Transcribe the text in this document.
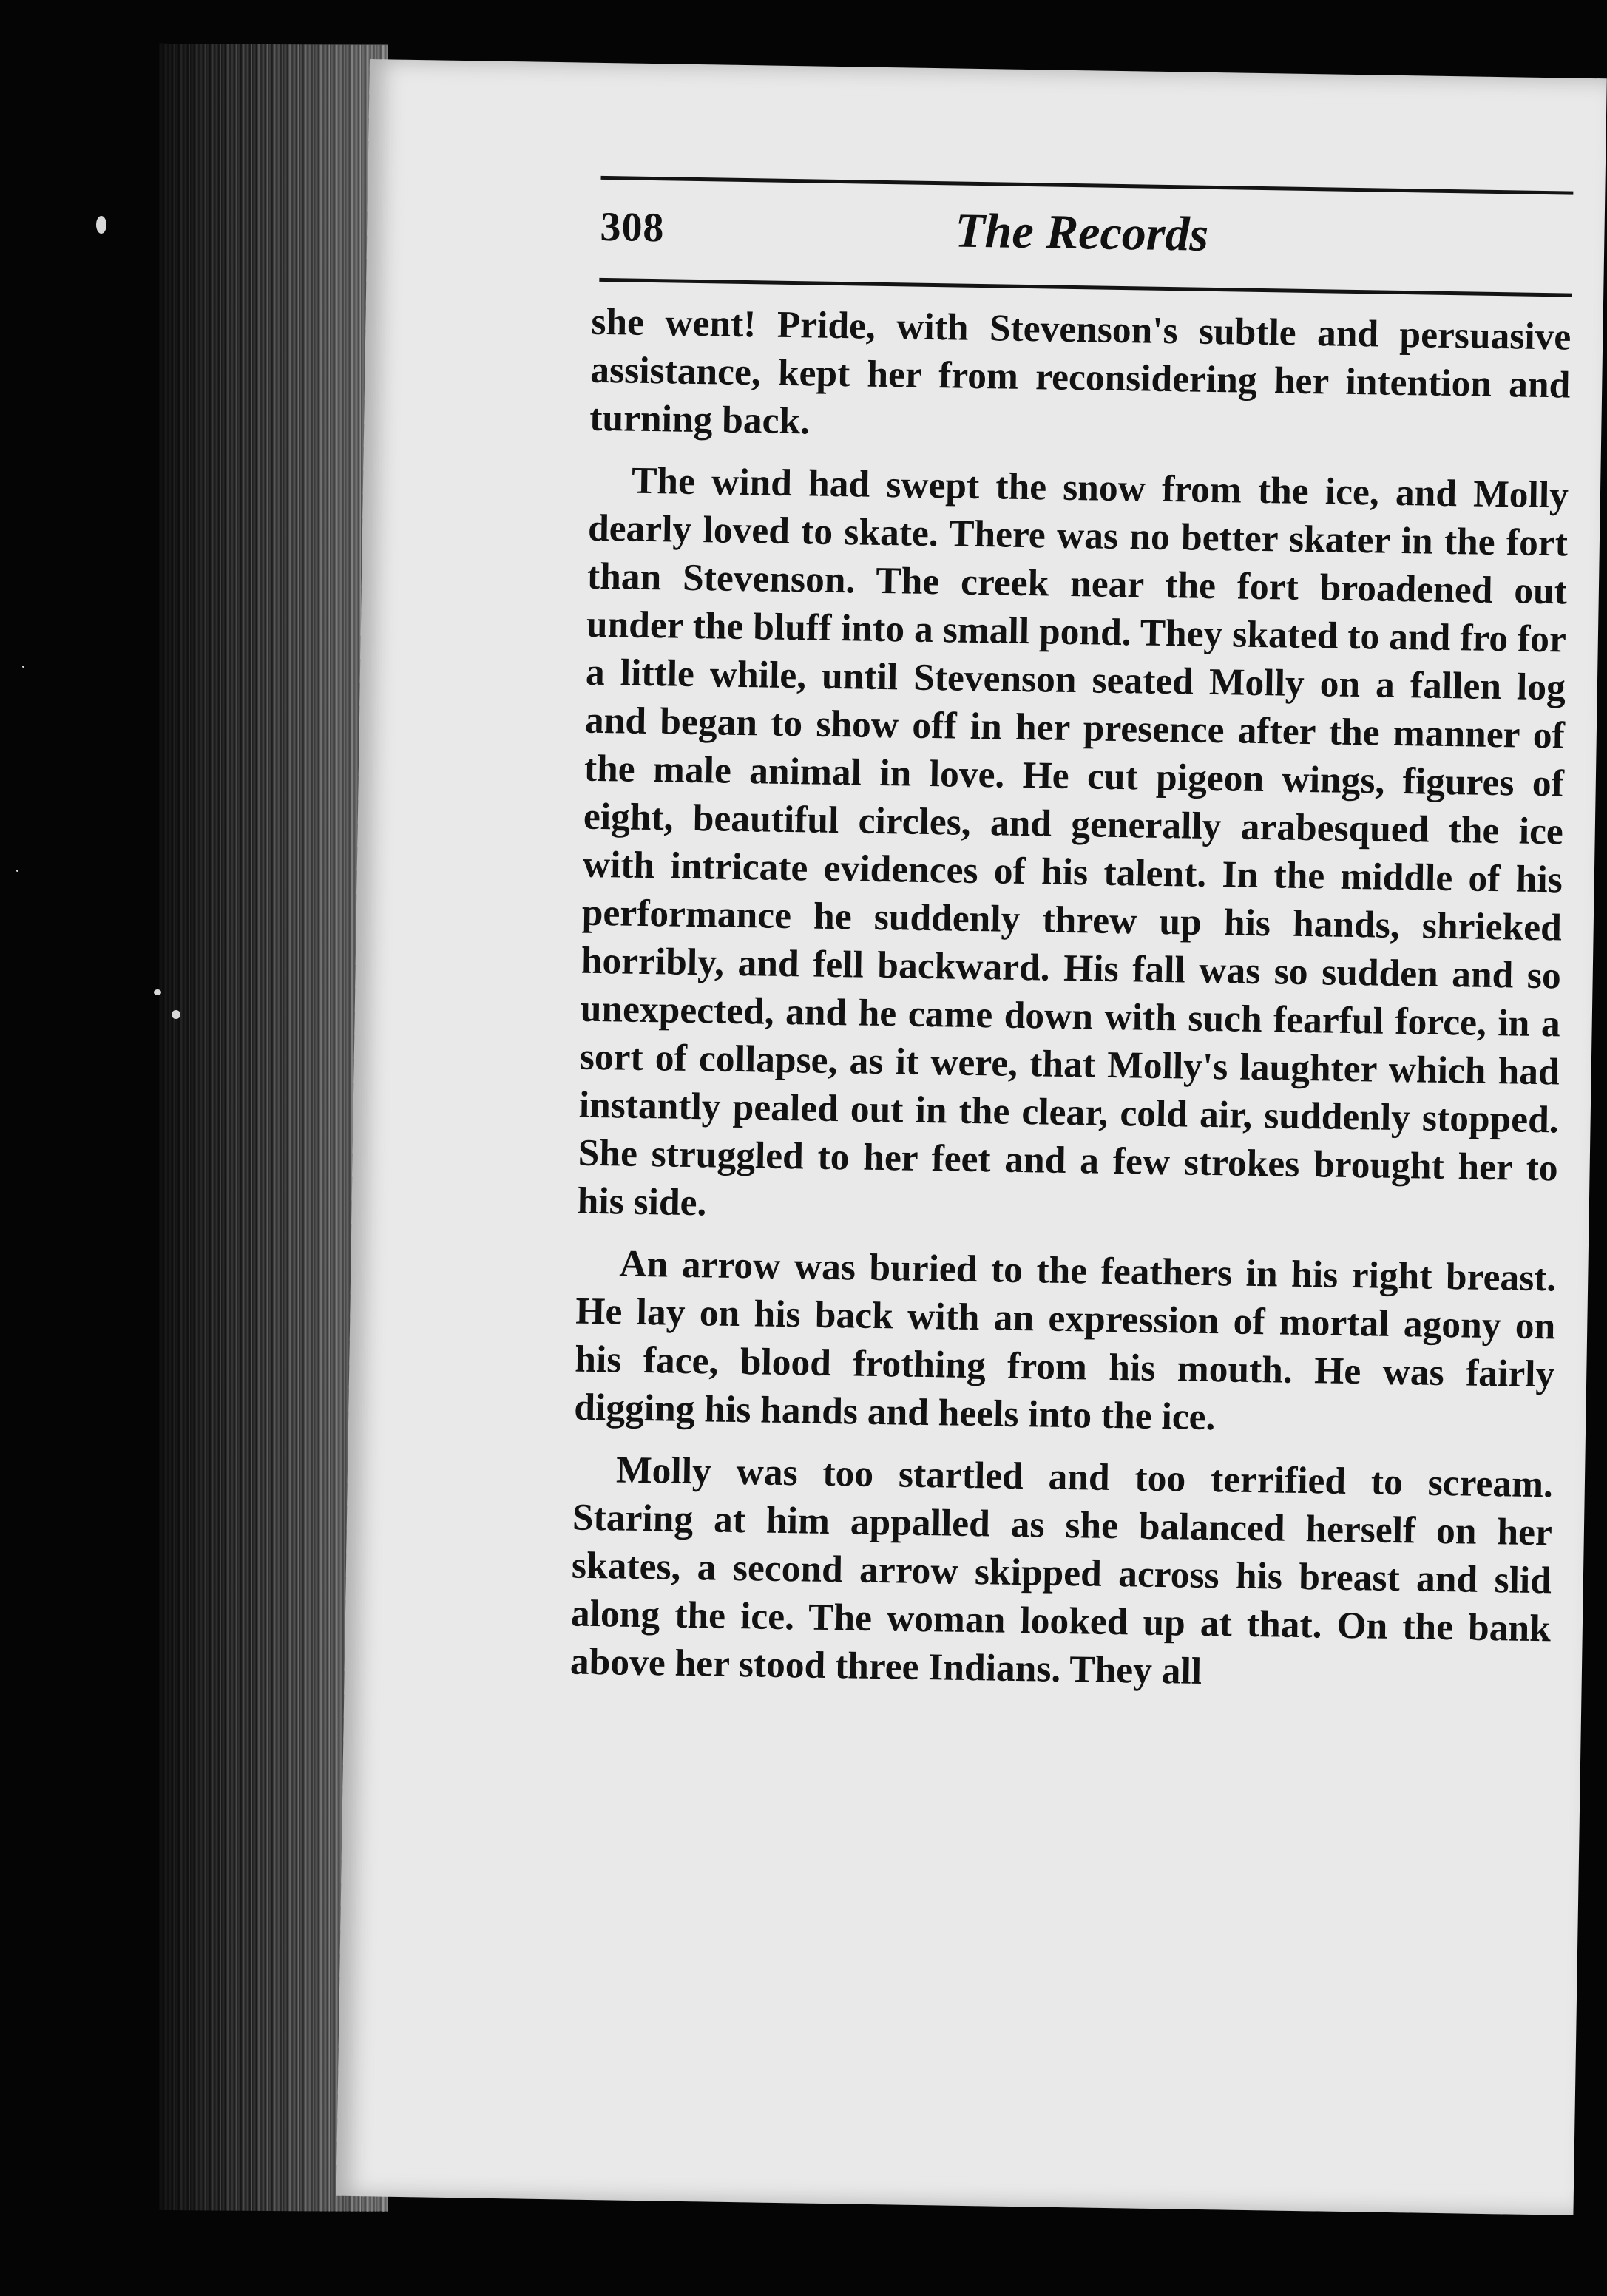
308	The Records

she went! Pride, with Stevenson's subtle and persuasive assistance, kept her from reconsidering her intention and turning back.

The wind had swept the snow from the ice, and Molly dearly loved to skate. There was no better skater in the fort than Stevenson. The creek near the fort broadened out under the bluff into a small pond. They skated to and fro for a little while, until Stevenson seated Molly on a fallen log and began to show off in her presence after the manner of the male animal in love. He cut pigeon wings, figures of eight, beautiful circles, and generally arabesqued the ice with intricate evidences of his talent. In the middle of his performance he suddenly threw up his hands, shrieked horribly, and fell backward. His fall was so sudden and so unexpected, and he came down with such fearful force, in a sort of collapse, as it were, that Molly's laughter which had instantly pealed out in the clear, cold air, suddenly stopped. She struggled to her feet and a few strokes brought her to his side.

An arrow was buried to the feathers in his right breast. He lay on his back with an expression of mortal agony on his face, blood frothing from his mouth. He was fairly digging his hands and heels into the ice.

Molly was too startled and too terrified to scream. Staring at him appalled as she balanced herself on her skates, a second arrow skipped across his breast and slid along the ice. The woman looked up at that. On the bank above her stood three Indians. They all
